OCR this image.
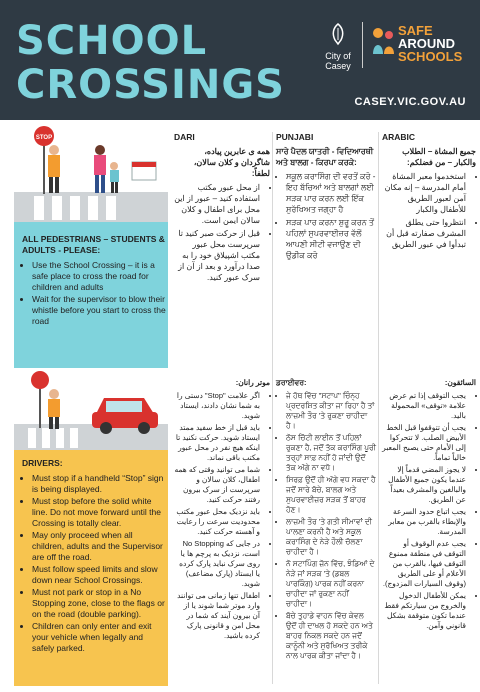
SCHOOL
CROSSINGS
City of Casey
SAFE
AROUND
SCHOOLS
CASEY.VIC.GOV.AU
STOP
ALL PEDESTRIANS – STUDENTS & ADULTS - PLEASE:
• Use the School Crossing – it is a safe place to cross the road for children and adults
• Wait for the supervisor to blow their whistle before you start to cross the road
DARI
همه ی عابرین پیاده، شاگردان و کلان سالان، لطفاً:
• از محل عبور مکتب استفاده کنید – عبور از این محل برای اطفال و کلان سالان ایمن است.
• قبل از حرکت صبر کنید تا سرپرست محل عبور مکتب اشپیلاق خود را به صدا درآورد و بعد از آن از سرک عبور کنید.
PUNJABI
ਸਾਰੇ ਪੈਦਲ ਯਾਤਰੀ - ਵਿਦਿਆਰਥੀ ਅਤੇ ਬਾਲਗ - ਕਿਰਪਾ ਕਰਕੇ:
• ਸਕੂਲ ਕਰਾਸਿੰਗ ਦੀ ਵਰਤੋਂ ਕਰੋ - ਇਹ ਬੱਚਿਆਂ ਅਤੇ ਬਾਲਗਾਂ ਲਈ ਸੜਕ ਪਾਰ ਕਰਨ ਲਈ ਇੱਕ ਸੁਰੱਖਿਅਤ ਜਗ੍ਹਾ ਹੈ
• ਸੜਕ ਪਾਰ ਕਰਨਾ ਸ਼ੁਰੂ ਕਰਨ ਤੋਂ ਪਹਿਲਾਂ ਸੁਪਰਵਾਈਜ਼ਰ ਵੱਲੋਂ ਆਪਣੀ ਸੀਟੀ ਵਜਾਉਣ ਦੀ ਉਡੀਕ ਕਰੋ
ARABIC
جميع المشاة – الطلاب والكبار – من فضلكم:
• استخدموا معبر المشاة أمام المدرسة – إنه مكان آمن لعبور الطريق للأطفال والكبار
• انتظروا حتى يطلق المشرف صفارته قبل أن تبدأوا في عبور الطريق
DRIVERS:
• Must stop if a handheld “Stop” sign is being displayed.
• Must stop before the solid white line. Do not move forward until the Crossing is totally clear.
• May only proceed when all children, adults and the Supervisor are off the road.
• Must follow speed limits and slow down near School Crossings.
• Must not park or stop in a No Stopping zone, close to the flags or on the road (double parking).
• Children can only enter and exit your vehicle when legally and safely parked.
موتر رانان:
• اگر علامت "Stop" دستی را به شما نشان دادند، ایستاد شوید.
• باید قبل از خط سفید ممتد ایستاد شوید. حرکت نکنید تا اینکه هیچ نفر در محل عبور مکتب باقی نماند.
• شما می توانید وقتی که همه اطفال، کلان سالان و سرپرست از سرک بیرون رفتند حرکت کنید.
• باید نزدیک محل عبور مکتب محدودیت سرعت را رعایت و آهسته حرکت کنید.
• در جایی که No Stopping است، نزدیک به پرچم ها یا روی سرک نباید پارک کرده یا ایستاد (پارک مضاعف) شوید.
• اطفال تنها زمانی می توانند وارد موتر شما شوند یا از آن بیرون آیند که شما در محل امن و قانونی پارک کرده باشید.
ਡਰਾਈਵਰ:
• ਜੇ ਹੱਥ ਵਿੱਚ "ਸਟਾਪ" ਚਿੰਨ੍ਹ ਪ੍ਰਦਰਸ਼ਿਤ ਕੀਤਾ ਜਾ ਰਿਹਾ ਹੈ ਤਾਂ ਲਾਜ਼ਮੀ ਤੌਰ 'ਤੇ ਰੁਕਣਾ ਚਾਹੀਦਾ ਹੈ।
• ਠੋਸ ਚਿੱਟੀ ਲਾਈਨ ਤੋਂ ਪਹਿਲਾਂ ਰੁਕਣਾ ਹੈ, ਜਦੋਂ ਤੱਕ ਕਰਾਸਿੰਗ ਪੂਰੀ ਤਰ੍ਹਾਂ ਸਾਫ਼ ਨਹੀਂ ਹੋ ਜਾਂਦੀ ਉਦੋਂ ਤੱਕ ਅੱਗੇ ਨਾ ਵਧੋ।
• ਸਿਰਫ਼ ਉਦੋਂ ਹੀ ਅੱਗੇ ਵਧ ਸਕਦਾ ਹੈ ਜਦੋਂ ਸਾਰੇ ਬੱਚੇ, ਬਾਲਗ ਅਤੇ ਸੁਪਰਵਾਈਜ਼ਰ ਸੜਕ ਤੋਂ ਬਾਹਰ ਹੋਣ।
• ਲਾਜ਼ਮੀ ਤੌਰ 'ਤੇ ਗਤੀ ਸੀਮਾਵਾਂ ਦੀ ਪਾਲਣਾ ਕਰਨੀ ਹੈ ਅਤੇ ਸਕੂਲ ਕਰਾਸਿੰਗ ਦੇ ਨੇੜੇ ਹੌਲੀ ਚੱਲਣਾ ਚਾਹੀਦਾ ਹੈ।
• ਨੋ ਸਟਾਪਿੰਗ ਜ਼ੋਨ ਵਿੱਚ, ਝੰਡਿਆਂ ਦੇ ਨੇੜੇ ਜਾਂ ਸੜਕ 'ਤੇ (ਡਬਲ ਪਾਰਕਿੰਗ) ਪਾਰਕ ਨਹੀਂ ਕਰਨਾ ਚਾਹੀਦਾ ਜਾਂ ਰੁਕਣਾ ਨਹੀਂ ਚਾਹੀਦਾ।
• ਬੱਚੇ ਤੁਹਾਡੇ ਵਾਹਨ ਵਿੱਚ ਕੇਵਲ ਉਦੋਂ ਹੀ ਦਾਖਲ ਹੋ ਸਕਦੇ ਹਨ ਅਤੇ ਬਾਹਰ ਨਿਕਲ ਸਕਦੇ ਹਨ ਜਦੋਂ ਕਾਨੂੰਨੀ ਅਤੇ ਸੁਰੱਖਿਅਤ ਤਰੀਕੇ ਨਾਲ ਪਾਰਕ ਕੀਤਾ ਜਾਂਦਾ ਹੈ।
السائقون:
• يجب التوقف إذا تم عرض علامة «توقف» المحمولة باليد.
• يجب أن تتوقفوا قبل الخط الأبيض الصلب. لا تتحركوا إلى الأمام حتى يصبح المعبر خالياً تماماً.
• لا يجوز المضي قدماً إلا عندما يكون جميع الأطفال والبالغين والمشرف بعيداً عن الطريق.
• يجب اتباع حدود السرعة والإبطاء بالقرب من معابر المدرسة.
• يجب عدم الوقوف أو التوقف في منطقة ممنوع التوقف فيها، بالقرب من الأعلام أو على الطريق (وقوف السيارات المزدوج).
• يمكن للأطفال الدخول والخروج من سيارتكم فقط عندما تكون متوقفة بشكل قانوني وآمن.
